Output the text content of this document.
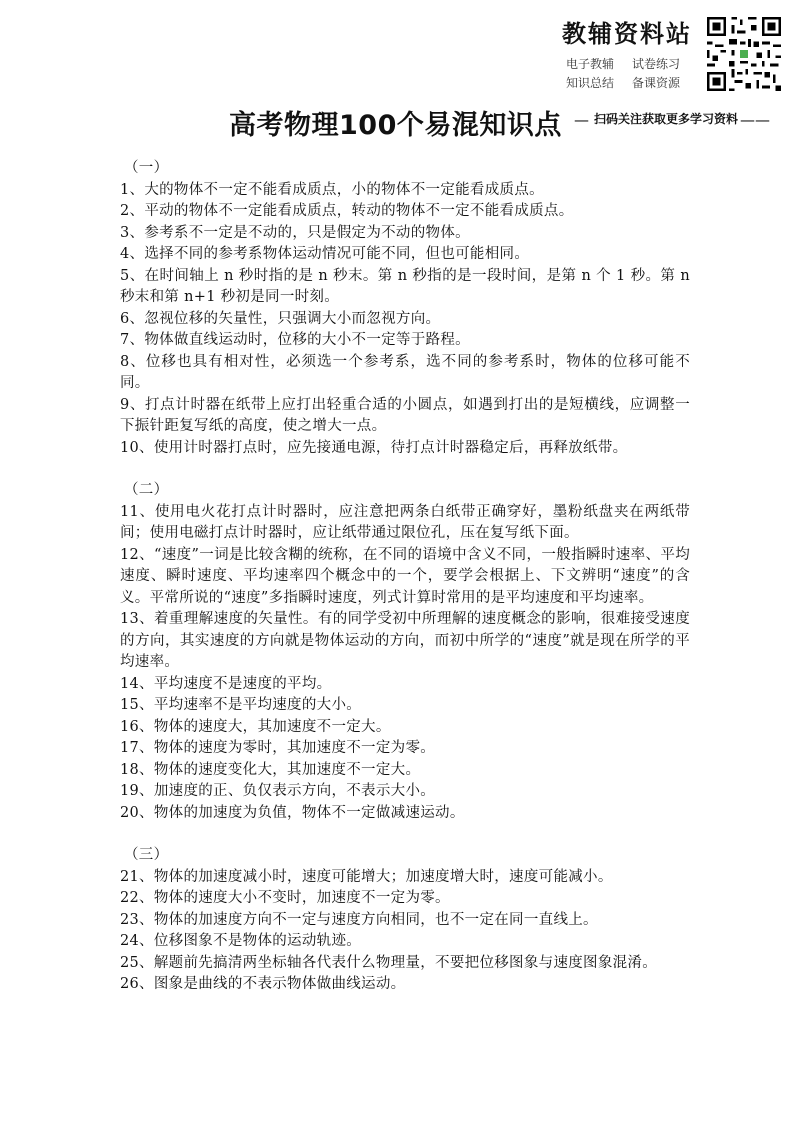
教辅资料站
电子教辅 试卷练习
知识总结 备课资源
高考物理100个易混知识点 — 扫码关注获取更多学习资料 ——

（一）

1、大的物体不一定不能看成质点，小的物体不一定能看成质点。

2、平动的物体不一定能看成质点，转动的物体不一定不能看成质点。

3、参考系不一定是不动的，只是假定为不动的物体。

4、选择不同的参考系物体运动情况可能不同，但也可能相同。

5、在时间轴上 n 秒时指的是 n 秒末。第 n 秒指的是一段时间，是第 n 个 1 秒。第 n 秒末和第 n+1 秒初是同一时刻。

6、忽视位移的矢量性，只强调大小而忽视方向。

7、物体做直线运动时，位移的大小不一定等于路程。

8、位移也具有相对性，必须选一个参考系，选不同的参考系时，物体的位移可能不同。

9、打点计时器在纸带上应打出轻重合适的小圆点，如遇到打出的是短横线，应调整一下振针距复写纸的高度，使之增大一点。

10、使用计时器打点时，应先接通电源，待打点计时器稳定后，再释放纸带。

（二）

11、使用电火花打点计时器时，应注意把两条白纸带正确穿好，墨粉纸盘夹在两纸带间；使用电磁打点计时器时，应让纸带通过限位孔，压在复写纸下面。

12、“速度”一词是比较含糊的统称，在不同的语境中含义不同，一般指瞬时速率、平均速度、瞬时速度、平均速率四个概念中的一个，要学会根据上、下文辨明“速度”的含义。平常所说的“速度”多指瞬时速度，列式计算时常用的是平均速度和平均速率。

13、着重理解速度的矢量性。有的同学受初中所理解的速度概念的影响，很难接受速度的方向，其实速度的方向就是物体运动的方向，而初中所学的“速度”就是现在所学的平均速率。

14、平均速度不是速度的平均。

15、平均速率不是平均速度的大小。

16、物体的速度大，其加速度不一定大。

17、物体的速度为零时，其加速度不一定为零。

18、物体的速度变化大，其加速度不一定大。

19、加速度的正、负仅表示方向，不表示大小。

20、物体的加速度为负值，物体不一定做减速运动。

（三）

21、物体的加速度减小时，速度可能增大；加速度增大时，速度可能减小。

22、物体的速度大小不变时，加速度不一定为零。

23、物体的加速度方向不一定与速度方向相同，也不一定在同一直线上。

24、位移图象不是物体的运动轨迹。

25、解题前先搞清两坐标轴各代表什么物理量，不要把位移图象与速度图象混淆。

26、图象是曲线的不表示物体做曲线运动。
